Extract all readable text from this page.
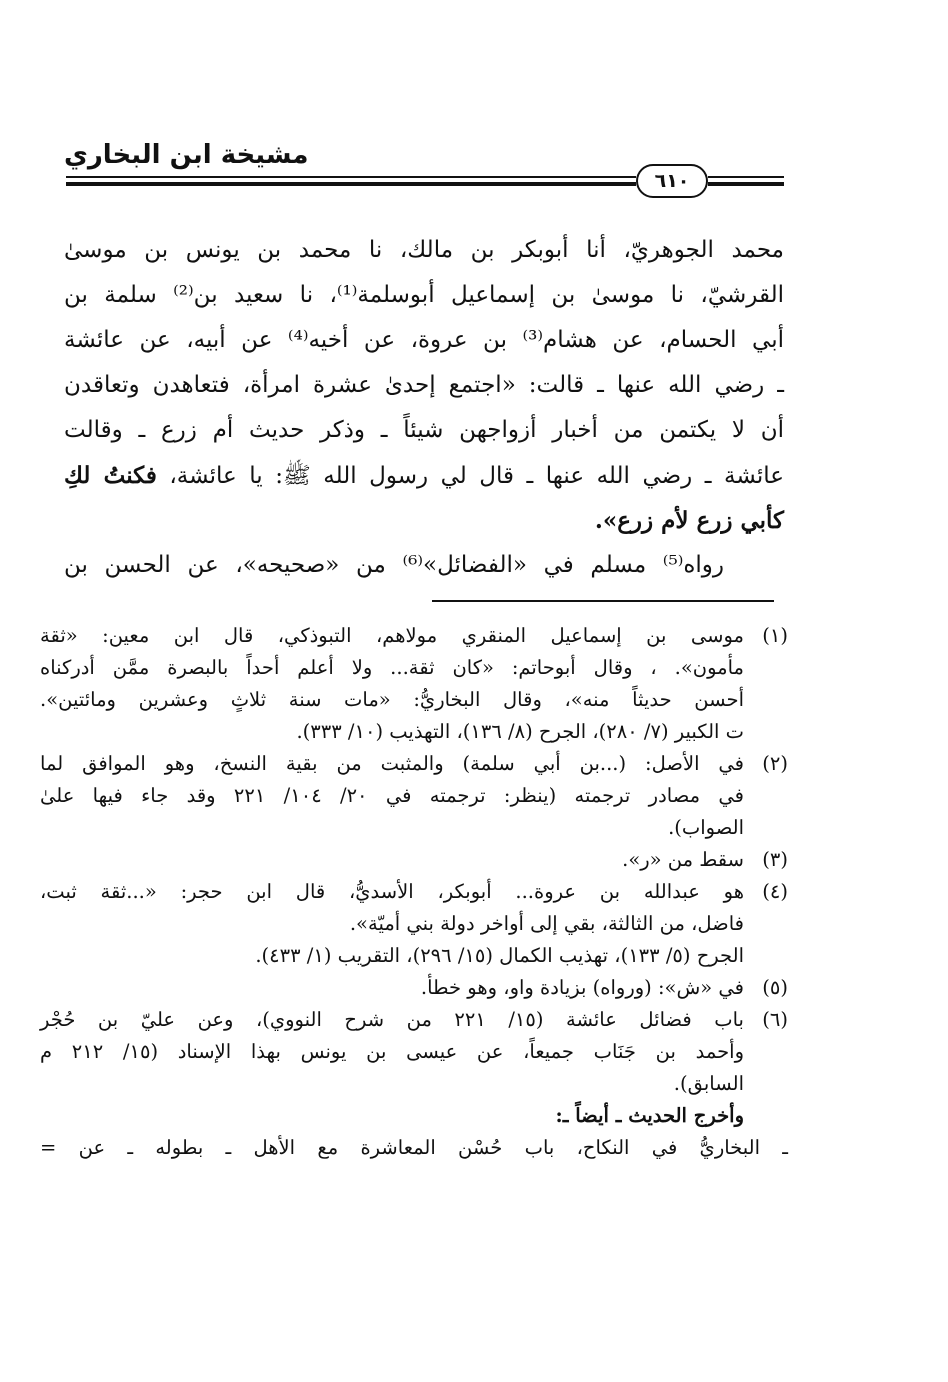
مشيخة ابن البخاري
٦١٠
محمد الجوهريّ، أنا أبوبكر بن مالك، نا محمد بن يونس بن موسىٰ
القرشيّ، نا موسىٰ بن إسماعيل أبوسلمة⁽¹⁾، نا سعيد بن⁽²⁾ سلمة بن
أبي الحسام، عن هشام⁽³⁾ بن عروة، عن أخيه⁽⁴⁾ عن أبيه، عن عائشة
ـ رضي الله عنها ـ قالت: «اجتمع إحدىٰ عشرة امرأة، فتعاهدن وتعاقدن
أن لا يكتمن من أخبار أزواجهن شيئاً ـ وذكر حديث أم زرع ـ وقالت
عائشة ـ رضي الله عنها ـ قال لي رسول الله ﷺ: يا عائشة، فكنتُ لكِ
كأبي زرع لأم زرع».
رواه⁽⁵⁾ مسلم في «الفضائل»⁽⁶⁾ من «صحيحه»، عن الحسن بن
(١)
موسى بن إسماعيل المنقري مولاهم، التبوذكي، قال ابن معين: «ثقة
مأمون». ، وقال أبوحاتم: «كان ثقة... ولا أعلم أحداً بالبصرة ممَّن أدركناه
أحسن حديثاً منه»، وقال البخاريُّ: «مات سنة ثلاثٍ وعشرين ومائتين».
ت الكبير (٧/ ٢٨٠)، الجرح (٨/ ١٣٦)، التهذيب (١٠/ ٣٣٣).
(٢)
في الأصل: (...بن أبي سلمة) والمثبت من بقية النسخ، وهو الموافق لما
في مصادر ترجمته (ينظر: ترجمته في ٢٠/ ١٠٤/ ٢٢١ وقد جاء فيها علىٰ
الصواب).
(٣)
سقط من «ر».
(٤)
هو عبدالله بن عروة... أبوبكر، الأسديُّ، قال ابن حجر: «...ثقة ثبت،
فاضل، من الثالثة، بقي إلى أواخر دولة بني أميّة».
الجرح (٥/ ١٣٣)، تهذيب الكمال (١٥/ ٢٩٦)، التقريب (١/ ٤٣٣).
(٥)
في «ش»: (ورواه) بزيادة واو، وهو خطأ.
(٦)
باب فضائل عائشة (١٥/ ٢٢١ من شرح النووي)، وعن عليّ بن حُجْر
وأحمد بن جَنَاب جميعاً، عن عيسى بن يونس بهذا الإسناد (١٥/ ٢١٢ م
السابق).
وأخرج الحديث ـ أيضاً ـ:
ـ البخاريُّ في النكاح، باب حُسْن المعاشرة مع الأهل ـ بطوله ـ عن =
